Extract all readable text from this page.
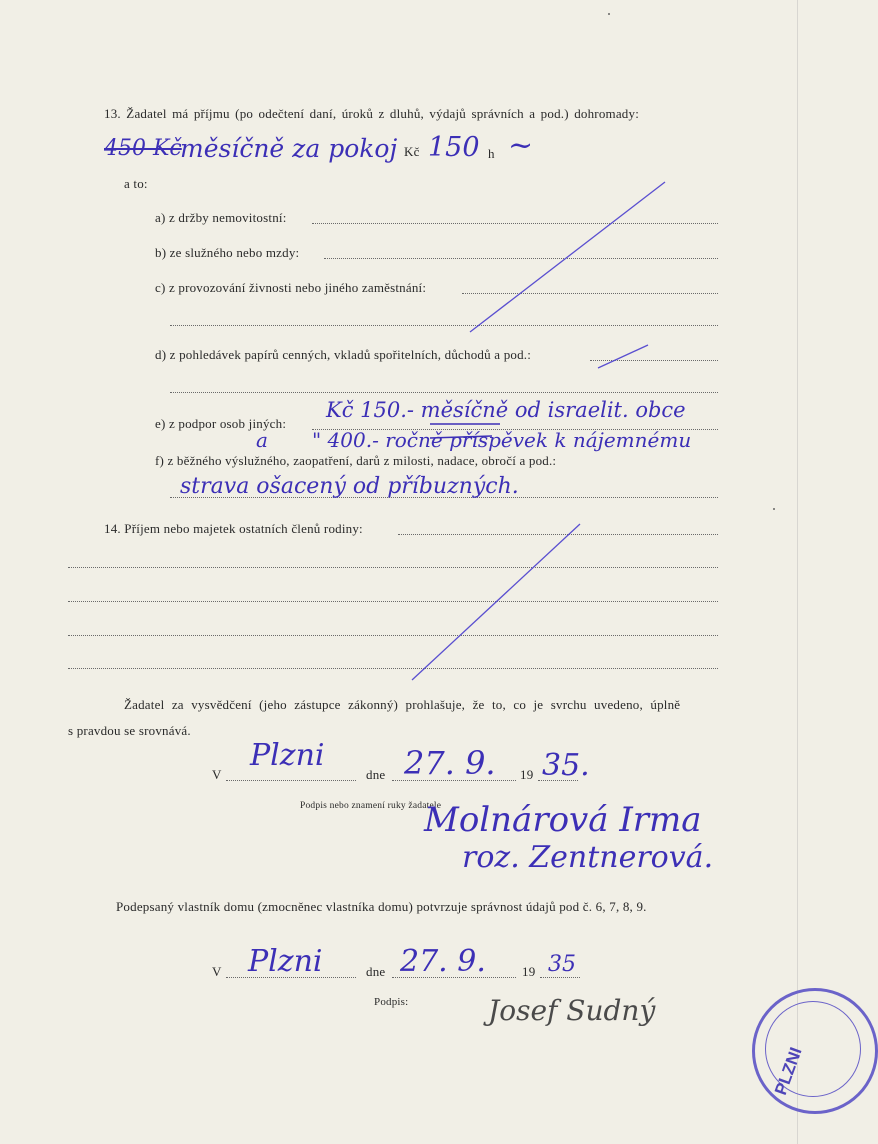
13. Žadatel má příjmu (po odečtení daní, úroků z dluhů, výdajů správních a pod.) dohromady:
450 Kč
měsíčně za pokoj Kč 150 h ~
a to:
a) z držby nemovitostní:
b) ze služného nebo mzdy:
c) z provozování živnosti nebo jiného zaměstnání:
d) z pohledávek papírů cenných, vkladů spořitelních, důchodů a pod.:
e) z podpor osob jiných:
Kč 150.- měsíčně od israelit. obce
a " 400.- ročně příspěvek k nájemnému
f) z běžného výslužného, zaopatření, darů z milosti, nadace, obročí a pod.:
strava ošacený od příbuzných.
14. Příjem nebo majetek ostatních členů rodiny:
Žadatel za vysvědčení (jeho zástupce zákonný) prohlašuje, že to, co je svrchu uvedeno, úplně
s pravdou se srovnává.
V
Plzni
dne 27. 9. 19 35.
Podpis nebo znamení ruky žadatele
Molnárová Irma
roz. Zentnerová.
Podepsaný vlastník domu (zmocněnec vlastníka domu) potvrzuje správnost údajů pod č. 6, 7, 8, 9.
V Plzni	dne 27. 9.	19 35
Podpis:	Josef Sudný
PLZNI
